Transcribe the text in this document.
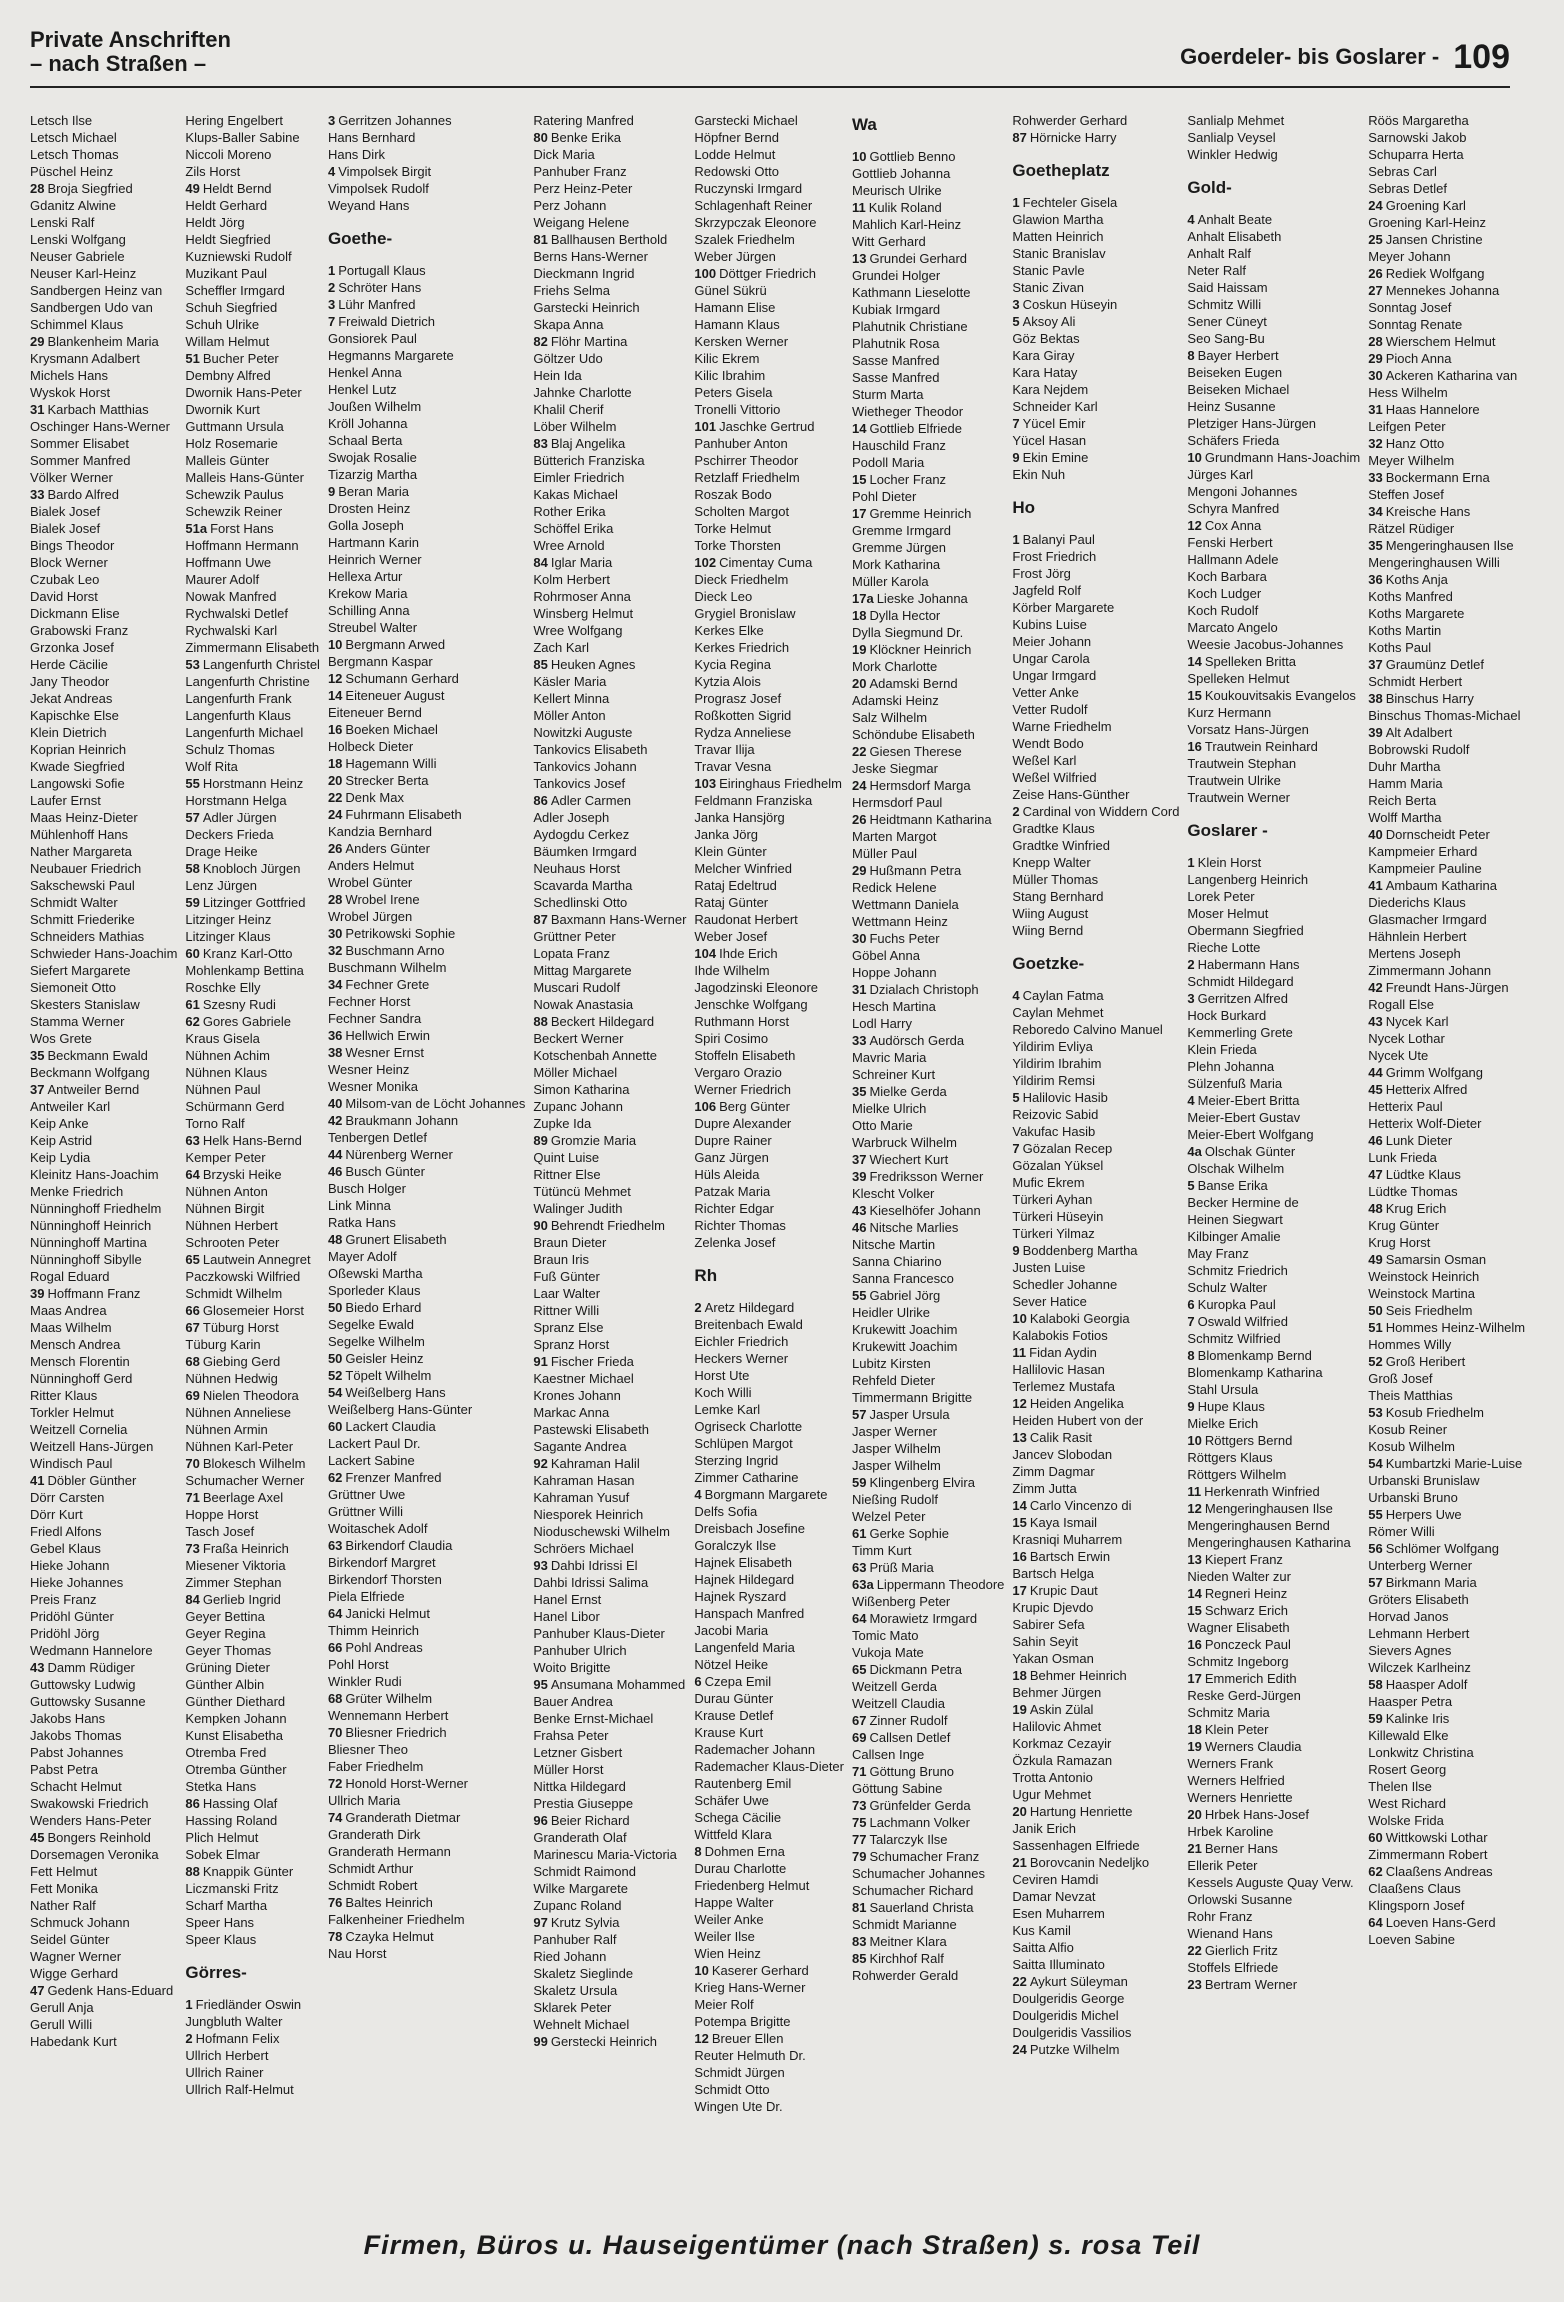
Private Anschriften
– nach Straßen –	Goerdeler- bis Goslarer - 109
Letsch Ilse
Letsch Michael
Letsch Thomas
Püschel Heinz
28 Broja Siegfried
Gdanitz Alwine
Lenski Ralf
Lenski Wolfgang
Neuser Gabriele
Neuser Karl-Heinz
Sandbergen Heinz van
Sandbergen Udo van
Schimmel Klaus
29 Blankenheim Maria
Krysmann Adalbert
Michels Hans
Wyskok Horst
31 Karbach Matthias
Oschinger Hans-Werner
Sommer Elisabet
Sommer Manfred
Völker Werner
33 Bardo Alfred
Bialek Josef
Bialek Josef
Bings Theodor
Block Werner
Czubak Leo
David Horst
Dickmann Elise
Grabowski Franz
Grzonka Josef
Herde Cäcilie
Jany Theodor
Jekat Andreas
Kapischke Else
Klein Dietrich
Koprian Heinrich
Kwade Siegfried
Langowski Sofie
Laufer Ernst
Maas Heinz-Dieter
Mühlenhoff Hans
Nather Margareta
Neubauer Friedrich
Sakschewski Paul
Schmidt Walter
Schmitt Friederike
Schneiders Mathias
Schwieder Hans-Joachim
Siefert Margarete
Siemoneit Otto
Skesters Stanislaw
Stamma Werner
Wos Grete
35 Beckmann Ewald
Beckmann Wolfgang
37 Antweiler Bernd
Antweiler Karl
Keip Anke
Keip Astrid
Keip Lydia
Kleinitz Hans-Joachim
Menke Friedrich
Nünninghoff Friedhelm
Nünninghoff Heinrich
Nünninghoff Martina
Nünninghoff Sibylle
Rogal Eduard
39 Hoffmann Franz
Maas Andrea
Maas Wilhelm
Mensch Andrea
Mensch Florentin
Nünninghoff Gerd
Ritter Klaus
Torkler Helmut
Weitzell Cornelia
Weitzell Hans-Jürgen
Windisch Paul
41 Döbler Günther
Dörr Carsten
Dörr Kurt
Friedl Alfons
Gebel Klaus
Hieke Johann
Hieke Johannes
Preis Franz
Pridöhl Günter
Pridöhl Jörg
Wedmann Hannelore
43 Damm Rüdiger
Guttowsky Ludwig
Guttowsky Susanne
Jakobs Hans
Jakobs Thomas
Pabst Johannes
Pabst Petra
Schacht Helmut
Swakowski Friedrich
Wenders Hans-Peter
45 Bongers Reinhold
Dorsemagen Veronika
Fett Helmut
Fett Monika
Nather Ralf
Schmuck Johann
Seidel Günter
Wagner Werner
Wigge Gerhard
47 Gedenk Hans-Eduard
Gerull Anja
Gerull Willi
Habedank Kurt
Hering Engelbert
Klups-Baller Sabine
Niccoli Moreno
Zils Horst
49 Heldt Bernd
Heldt Gerhard
Heldt Jörg
Heldt Siegfried
Kuzniewski Rudolf
Muzikant Paul
Scheffler Irmgard
Schuh Siegfried
Schuh Ulrike
Willam Helmut
51 Bucher Peter
Dembny Alfred
Dwornik Hans-Peter
Dwornik Kurt
Guttmann Ursula
Holz Rosemarie
Malleis Günter
Malleis Hans-Günter
Schewzik Paulus
Schewzik Reiner
51a Forst Hans
Hoffmann Hermann
Hoffmann Uwe
Maurer Adolf
Nowak Manfred
Rychwalski Detlef
Rychwalski Karl
Zimmermann Elisabeth
53 Langenfurth Christel
Langenfurth Christine
Langenfurth Frank
Langenfurth Klaus
Langenfurth Michael
Schulz Thomas
Wolf Rita
55 Horstmann Heinz
Horstmann Helga
57 Adler Jürgen
Deckers Frieda
Drage Heike
58 Knobloch Jürgen
Lenz Jürgen
59 Litzinger Gottfried
Litzinger Heinz
Litzinger Klaus
60 Kranz Karl-Otto
Mohlenkamp Bettina
Roschke Elly
61 Szesny Rudi
62 Gores Gabriele
Kraus Gisela
Nühnen Achim
Nühnen Klaus
Nühnen Paul
Schürmann Gerd
Torno Ralf
63 Helk Hans-Bernd
Kemper Peter
64 Brzyski Heike
Nühnen Anton
Nühnen Birgit
Nühnen Herbert
Schrooten Peter
65 Lautwein Annegret
Paczkowski Wilfried
Schmidt Wilhelm
66 Glosemeier Horst
67 Tüburg Horst
Tüburg Karin
68 Giebing Gerd
Nühnen Hedwig
69 Nielen Theodora
Nühnen Anneliese
Nühnen Armin
Nühnen Karl-Peter
70 Blokesch Wilhelm
Schumacher Werner
71 Beerlage Axel
Hoppe Horst
Tasch Josef
73 Fraßa Heinrich
Miesener Viktoria
Zimmer Stephan
84 Gerlieb Ingrid
Geyer Bettina
Geyer Regina
Geyer Thomas
Grüning Dieter
Günther Albin
Günther Diethard
Kempken Johann
Kunst Elisabetha
Otremba Fred
Otremba Günther
Stetka Hans
86 Hassing Olaf
Hassing Roland
Plich Helmut
Sobek Elmar
88 Knappik Günter
Liczmanski Fritz
Scharf Martha
Speer Hans
Speer Klaus
Görres-
1 Friedländer Oswin
Jungbluth Walter
2 Hofmann Felix
Ullrich Herbert
Ullrich Rainer
Ullrich Ralf-Helmut
3 Gerritzen Johannes
Hans Bernhard
Hans Dirk
4 Vimpolsek Birgit
Vimpolsek Rudolf
Weyand Hans
Goethe-
1 Portugall Klaus
2 Schröter Hans
3 Lühr Manfred
7 Freiwald Dietrich
Gonsiorek Paul
Hegmanns Margarete
Henkel Anna
Henkel Lutz
Joußen Wilhelm
Kröll Johanna
Schaal Berta
Swojak Rosalie
Tizarzig Martha
9 Beran Maria
Drosten Heinz
Golla Joseph
Hartmann Karin
Heinrich Werner
Hellexa Artur
Krekow Maria
Schilling Anna
Streubel Walter
10 Bergmann Arwed
Bergmann Kaspar
12 Schumann Gerhard
14 Eiteneuer August
Eiteneuer Bernd
16 Boeken Michael
Holbeck Dieter
18 Hagemann Willi
20 Strecker Berta
22 Denk Max
24 Fuhrmann Elisabeth
Kandzia Bernhard
26 Anders Günter
Anders Helmut
Wrobel Günter
28 Wrobel Irene
Wrobel Jürgen
30 Petrikowski Sophie
32 Buschmann Arno
Buschmann Wilhelm
34 Fechner Grete
Fechner Horst
Fechner Sandra
36 Hellwich Erwin
38 Wesner Ernst
Wesner Heinz
Wesner Monika
40 Milsom-van de Löcht Johannes
42 Braukmann Johann
Tenbergen Detlef
44 Nürenberg Werner
46 Busch Günter
Busch Holger
Link Minna
Ratka Hans
48 Grunert Elisabeth
Mayer Adolf
Oßewski Martha
Sporleder Klaus
50 Biedo Erhard
Segelke Ewald
Segelke Wilhelm
50 Geisler Heinz
52 Töpelt Wilhelm
54 Weißelberg Hans
Weißelberg Hans-Günter
60 Lackert Claudia
Lackert Paul Dr.
Lackert Sabine
62 Frenzer Manfred
Grüttner Uwe
Grüttner Willi
Woitaschek Adolf
63 Birkendorf Claudia
Birkendorf Margret
Birkendorf Thorsten
Piela Elfriede
64 Janicki Helmut
Thimm Heinrich
66 Pohl Andreas
Pohl Horst
Winkler Rudi
68 Grüter Wilhelm
Wennemann Herbert
70 Bliesner Friedrich
Bliesner Theo
Faber Friedhelm
72 Honold Horst-Werner
Ullrich Maria
74 Granderath Dietmar
Granderath Dirk
Granderath Hermann
Schmidt Arthur
Schmidt Robert
76 Baltes Heinrich
Falkenheiner Friedhelm
78 Czayka Helmut
Nau Horst
Ratering Manfred
80 Benke Erika
Dick Maria
Panhuber Franz
Perz Heinz-Peter
Perz Johann
Weigang Helene
81 Ballhausen Berthold
Berns Hans-Werner
Dieckmann Ingrid
Friehs Selma
Garstecki Heinrich
Skapa Anna
82 Flöhr Martina
Göltzer Udo
Hein Ida
Jahnke Charlotte
Khalil Cherif
Löber Wilhelm
83 Blaj Angelika
Bütterich Franziska
Eimler Friedrich
Kakas Michael
Rother Erika
Schöffel Erika
Wree Arnold
84 Iglar Maria
Kolm Herbert
Rohrmoser Anna
Winsberg Helmut
Wree Wolfgang
Zach Karl
85 Heuken Agnes
Käsler Maria
Kellert Minna
Möller Anton
Nowitzki Auguste
Tankovics Elisabeth
Tankovics Johann
Tankovics Josef
86 Adler Carmen
Adler Joseph
Aydogdu Cerkez
Bäumken Irmgard
Neuhaus Horst
Scavarda Martha
Schedlinski Otto
87 Baxmann Hans-Werner
Grüttner Peter
Lopata Franz
Mittag Margarete
Muscari Rudolf
Nowak Anastasia
88 Beckert Hildegard
Beckert Werner
Kotschenbah Annette
Möller Michael
Simon Katharina
Zupanc Johann
Zupke Ida
89 Gromzie Maria
Quint Luise
Rittner Else
Tütüncü Mehmet
Walinger Judith
90 Behrendt Friedhelm
Braun Dieter
Braun Iris
Fuß Günter
Laar Walter
Rittner Willi
Spranz Else
Spranz Horst
91 Fischer Frieda
Kaestner Michael
Krones Johann
Markac Anna
Pastewski Elisabeth
Sagante Andrea
92 Kahraman Halil
Kahraman Hasan
Kahraman Yusuf
Niesporek Heinrich
Nioduschewski Wilhelm
Schröers Michael
93 Dahbi Idrissi El
Dahbi Idrissi Salima
Hanel Ernst
Hanel Libor
Panhuber Klaus-Dieter
Panhuber Ulrich
Woito Brigitte
95 Ansumana Mohammed
Bauer Andrea
Benke Ernst-Michael
Frahsa Peter
Letzner Gisbert
Müller Horst
Nittka Hildegard
Prestia Giuseppe
96 Beier Richard
Granderath Olaf
Marinescu Maria-Victoria
Schmidt Raimond
Wilke Margarete
Zupanc Roland
97 Krutz Sylvia
Panhuber Ralf
Ried Johann
Skaletz Sieglinde
Skaletz Ursula
Sklarek Peter
Wehnelt Michael
99 Gerstecki Heinrich
Garstecki Michael
Höpfner Bernd
Lodde Helmut
Redowski Otto
Ruczynski Irmgard
Schlagenhaft Reiner
Skrzypczak Eleonore
Szalek Friedhelm
Weber Jürgen
100 Döttger Friedrich
Günel Sükrü
Hamann Elise
Hamann Klaus
Kersken Werner
Kilic Ekrem
Kilic Ibrahim
Peters Gisela
Tronelli Vittorio
101 Jaschke Gertrud
Panhuber Anton
Pschirrer Theodor
Retzlaff Friedhelm
Roszak Bodo
Scholten Margot
Torke Helmut
Torke Thorsten
102 Cimentay Cuma
Dieck Friedhelm
Dieck Leo
Grygiel Bronislaw
Kerkes Elke
Kerkes Friedrich
Kycia Regina
Kytzia Alois
Prograsz Josef
Roßkotten Sigrid
Rydza Anneliese
Travar Ilija
Travar Vesna
103 Eiringhaus Friedhelm
Feldmann Franziska
Janka Hansjörg
Janka Jörg
Klein Günter
Melcher Winfried
Rataj Edeltrud
Rataj Günter
Raudonat Herbert
Weber Josef
104 Ihde Erich
Ihde Wilhelm
Jagodzinski Eleonore
Jenschke Wolfgang
Ruthmann Horst
Spiri Cosimo
Stoffeln Elisabeth
Vergaro Orazio
Werner Friedrich
106 Berg Günter
Dupre Alexander
Dupre Rainer
Ganz Jürgen
Hüls Aleida
Patzak Maria
Richter Edgar
Richter Thomas
Zelenka Josef
Rh
2 Aretz Hildegard
Breitenbach Ewald
Eichler Friedrich
Heckers Werner
Horst Ute
Koch Willi
Lemke Karl
Ogriseck Charlotte
Schlüpen Margot
Sterzing Ingrid
Zimmer Catharine
4 Borgmann Margarete
Delfs Sofia
Dreisbach Josefine
Goralczyk Ilse
Hajnek Elisabeth
Hajnek Hildegard
Hajnek Ryszard
Hanspach Manfred
Jacobi Maria
Langenfeld Maria
Nötzel Heike
6 Czepa Emil
Durau Günter
Krause Detlef
Krause Kurt
Rademacher Johann
Rademacher Klaus-Dieter
Rautenberg Emil
Schäfer Uwe
Schega Cäcilie
Wittfeld Klara
8 Dohmen Erna
Durau Charlotte
Friedenberg Helmut
Happe Walter
Weiler Anke
Weiler Ilse
Wien Heinz
10 Kaserer Gerhard
Krieg Hans-Werner
Meier Rolf
Potempa Brigitte
12 Breuer Ellen
Reuter Helmuth Dr.
Schmidt Jürgen
Schmidt Otto
Wingen Ute Dr.
Wa
10 Gottlieb Benno
Gottlieb Johanna
Meurisch Ulrike
11 Kulik Roland
Mahlich Karl-Heinz
Witt Gerhard
13 Grundei Gerhard
Grundei Holger
Kathmann Lieselotte
Kubiak Irmgard
Plahutnik Christiane
Plahutnik Rosa
Sasse Manfred
Sasse Manfred
Sturm Marta
Wietheger Theodor
14 Gottlieb Elfriede
Hauschild Franz
Podoll Maria
15 Locher Franz
Pohl Dieter
17 Gremme Heinrich
Gremme Irmgard
Gremme Jürgen
Mork Katharina
Müller Karola
17a Lieske Johanna
18 Dylla Hector
Dylla Siegmund Dr.
19 Klöckner Heinrich
Mork Charlotte
20 Adamski Bernd
Adamski Heinz
Salz Wilhelm
Schöndube Elisabeth
22 Giesen Therese
Jeske Siegmar
24 Hermsdorf Marga
Hermsdorf Paul
26 Heidtmann Katharina
Marten Margot
Müller Paul
29 Hußmann Petra
Redick Helene
Wettmann Daniela
Wettmann Heinz
30 Fuchs Peter
Göbel Anna
Hoppe Johann
31 Dzialach Christoph
Hesch Martina
Lodl Harry
33 Audörsch Gerda
Mavric Maria
Schreiner Kurt
35 Mielke Gerda
Mielke Ulrich
Otto Marie
Warbruck Wilhelm
37 Wiechert Kurt
39 Fredriksson Werner
Klescht Volker
43 Kieselhöfer Johann
46 Nitsche Marlies
Nitsche Martin
Sanna Chiarino
Sanna Francesco
55 Gabriel Jörg
Heidler Ulrike
Krukewitt Joachim
Krukewitt Joachim
Lubitz Kirsten
Rehfeld Dieter
Timmermann Brigitte
57 Jasper Ursula
Jasper Werner
Jasper Wilhelm
Jasper Wilhelm
59 Klingenberg Elvira
Nießing Rudolf
Welzel Peter
61 Gerke Sophie
Timm Kurt
63 Prüß Maria
63a Lippermann Theodore
Wißenberg Peter
64 Morawietz Irmgard
Tomic Mato
Vukoja Mate
65 Dickmann Petra
Weitzell Gerda
Weitzell Claudia
67 Zinner Rudolf
69 Callsen Detlef
Callsen Inge
71 Göttung Bruno
Göttung Sabine
73 Grünfelder Gerda
75 Lachmann Volker
77 Talarczyk Ilse
79 Schumacher Franz
Schumacher Johannes
Schumacher Richard
81 Sauerland Christa
Schmidt Marianne
83 Meitner Klara
85 Kirchhof Ralf
Rohwerder Gerald
Rohwerder Gerhard
87 Hörnicke Harry
Goetheplatz
1 Fechteler Gisela
Glawion Martha
Matten Heinrich
Stanic Branislav
Stanic Pavle
Stanic Zivan
3 Coskun Hüseyin
5 Aksoy Ali
Göz Bektas
Kara Giray
Kara Hatay
Kara Nejdem
Schneider Karl
7 Yücel Emir
Yücel Hasan
9 Ekin Emine
Ekin Nuh
Ho
1 Balanyi Paul
Frost Friedrich
Frost Jörg
Jagfeld Rolf
Körber Margarete
Kubins Luise
Meier Johann
Ungar Carola
Ungar Irmgard
Vetter Anke
Vetter Rudolf
Warne Friedhelm
Wendt Bodo
Weßel Karl
Weßel Wilfried
Zeise Hans-Günther
2 Cardinal von Widdern Cord
Gradtke Klaus
Gradtke Winfried
Knepp Walter
Müller Thomas
Stang Bernhard
Wiing August
Wiing Bernd
Goetzke-
4 Caylan Fatma
Caylan Mehmet
Reboredo Calvino Manuel
Yildirim Evliya
Yildirim Ibrahim
Yildirim Remsi
5 Halilovic Hasib
Reizovic Sabid
Vakufac Hasib
7 Gözalan Recep
Gözalan Yüksel
Mufic Ekrem
Türkeri Ayhan
Türkeri Hüseyin
Türkeri Yilmaz
9 Boddenberg Martha
Justen Luise
Schedler Johanne
Sever Hatice
10 Kalaboki Georgia
Kalabokis Fotios
11 Fidan Aydin
Hallilovic Hasan
Terlemez Mustafa
12 Heiden Angelika
Heiden Hubert von der
13 Calik Rasit
Jancev Slobodan
Zimm Dagmar
Zimm Jutta
14 Carlo Vincenzo di
15 Kaya Ismail
Krasniqi Muharrem
16 Bartsch Erwin
Bartsch Helga
17 Krupic Daut
Krupic Djevdo
Sabirer Sefa
Sahin Seyit
Yakan Osman
18 Behmer Heinrich
Behmer Jürgen
19 Askin Zülal
Halilovic Ahmet
Korkmaz Cezayir
Özkula Ramazan
Trotta Antonio
Ugur Mehmet
20 Hartung Henriette
Janik Erich
Sassenhagen Elfriede
21 Borovcanin Nedeljko
Ceviren Hamdi
Damar Nevzat
Esen Muharrem
Kus Kamil
Saitta Alfio
Saitta Illuminato
22 Aykurt Süleyman
Doulgeridis George
Doulgeridis Michel
Doulgeridis Vassilios
24 Putzke Wilhelm
Sanlialp Mehmet
Sanlialp Veysel
Winkler Hedwig
Gold-
4 Anhalt Beate
Anhalt Elisabeth
Anhalt Ralf
Neter Ralf
Said Haissam
Schmitz Willi
Sener Cüneyt
Seo Sang-Bu
8 Bayer Herbert
Beiseken Eugen
Beiseken Michael
Heinz Susanne
Pletziger Hans-Jürgen
Schäfers Frieda
10 Grundmann Hans-Joachim
Jürges Karl
Mengoni Johannes
Schyra Manfred
12 Cox Anna
Fenski Herbert
Hallmann Adele
Koch Barbara
Koch Ludger
Koch Rudolf
Marcato Angelo
Weesie Jacobus-Johannes
14 Spelleken Britta
Spelleken Helmut
15 Koukouvitsakis Evangelos
Kurz Hermann
Vorsatz Hans-Jürgen
16 Trautwein Reinhard
Trautwein Stephan
Trautwein Ulrike
Trautwein Werner
Goslarer -
1 Klein Horst
Langenberg Heinrich
Lorek Peter
Moser Helmut
Obermann Siegfried
Rieche Lotte
2 Habermann Hans
Schmidt Hildegard
3 Gerritzen Alfred
Hock Burkard
Kemmerling Grete
Klein Frieda
Plehn Johanna
Sülzenfuß Maria
4 Meier-Ebert Britta
Meier-Ebert Gustav
Meier-Ebert Wolfgang
4a Olschak Günter
Olschak Wilhelm
5 Banse Erika
Becker Hermine de
Heinen Siegwart
Kilbinger Amalie
May Franz
Schmitz Friedrich
Schulz Walter
6 Kuropka Paul
7 Oswald Wilfried
Schmitz Wilfried
8 Blomenkamp Bernd
Blomenkamp Katharina
Stahl Ursula
9 Hupe Klaus
Mielke Erich
10 Röttgers Bernd
Röttgers Klaus
Röttgers Wilhelm
11 Herkenrath Winfried
12 Mengeringhausen Ilse
Mengeringhausen Bernd
Mengeringhausen Katharina
13 Kiepert Franz
Nieden Walter zur
14 Regneri Heinz
15 Schwarz Erich
Wagner Elisabeth
16 Ponczeck Paul
Schmitz Ingeborg
17 Emmerich Edith
Reske Gerd-Jürgen
Schmitz Maria
18 Klein Peter
19 Werners Claudia
Werners Frank
Werners Helfried
Werners Henriette
20 Hrbek Hans-Josef
Hrbek Karoline
21 Berner Hans
Ellerik Peter
Kessels Auguste Quay Verw.
Orlowski Susanne
Rohr Franz
Wienand Hans
22 Gierlich Fritz
Stoffels Elfriede
23 Bertram Werner
Röös Margaretha
Sarnowski Jakob
Schuparra Herta
Sebras Carl
Sebras Detlef
24 Groening Karl
Groening Karl-Heinz
25 Jansen Christine
Meyer Johann
26 Rediek Wolfgang
27 Mennekes Johanna
Sonntag Josef
Sonntag Renate
28 Wierschem Helmut
29 Pioch Anna
30 Ackeren Katharina van
Hess Wilhelm
31 Haas Hannelore
Leifgen Peter
32 Hanz Otto
Meyer Wilhelm
33 Bockermann Erna
Steffen Josef
34 Kreische Hans
Rätzel Rüdiger
35 Mengeringhausen Ilse
Mengeringhausen Willi
36 Koths Anja
Koths Manfred
Koths Margarete
Koths Martin
Koths Paul
37 Graumünz Detlef
Schmidt Herbert
38 Binschus Harry
Binschus Thomas-Michael
39 Alt Adalbert
Bobrowski Rudolf
Duhr Martha
Hamm Maria
Reich Berta
Wolff Martha
40 Dornscheidt Peter
Kampmeier Erhard
Kampmeier Pauline
41 Ambaum Katharina
Diederichs Klaus
Glasmacher Irmgard
Hähnlein Herbert
Mertens Joseph
Zimmermann Johann
42 Freundt Hans-Jürgen
Rogall Else
43 Nycek Karl
Nycek Lothar
Nycek Ute
44 Grimm Wolfgang
45 Hetterix Alfred
Hetterix Paul
Hetterix Wolf-Dieter
46 Lunk Dieter
Lunk Frieda
47 Lüdtke Klaus
Lüdtke Thomas
48 Krug Erich
Krug Günter
Krug Horst
49 Samarsin Osman
Weinstock Heinrich
Weinstock Martina
50 Seis Friedhelm
51 Hommes Heinz-Wilhelm
Hommes Willy
52 Groß Heribert
Groß Josef
Theis Matthias
53 Kosub Friedhelm
Kosub Reiner
Kosub Wilhelm
54 Kumbartzki Marie-Luise
Urbanski Brunislaw
Urbanski Bruno
55 Herpers Uwe
Römer Willi
56 Schlömer Wolfgang
Unterberg Werner
57 Birkmann Maria
Gröters Elisabeth
Horvad Janos
Lehmann Herbert
Sievers Agnes
Wilczek Karlheinz
58 Haasper Adolf
Haasper Petra
59 Kalinke Iris
Killewald Elke
Lonkwitz Christina
Rosert Georg
Thelen Ilse
West Richard
Wolske Frida
60 Wittkowski Lothar
Zimmermann Robert
62 Claaßens Andreas
Claaßens Claus
Klingsporn Josef
64 Loeven Hans-Gerd
Loeven Sabine
Firmen, Büros u. Hauseigentümer (nach Straßen) s. rosa Teil
